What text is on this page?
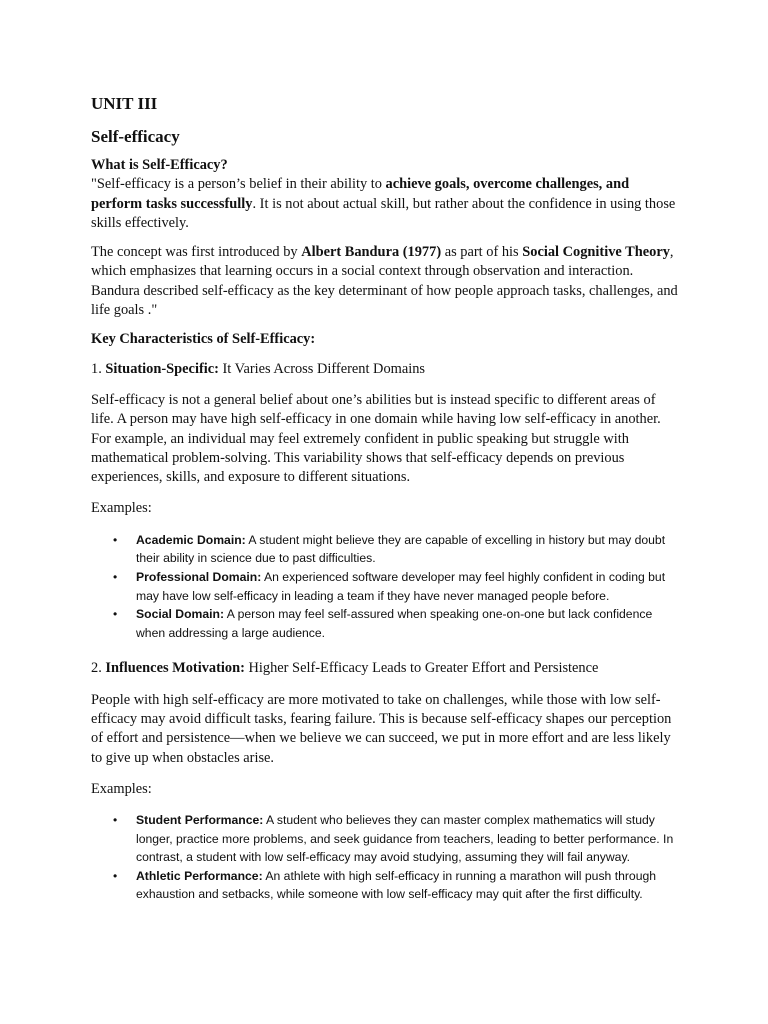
UNIT III
Self-efficacy

What is Self-Efficacy?

"Self-efficacy is a person’s belief in their ability to achieve goals, overcome challenges, and perform tasks successfully. It is not about actual skill, but rather about the confidence in using those skills effectively.

The concept was first introduced by Albert Bandura (1977) as part of his Social Cognitive Theory, which emphasizes that learning occurs in a social context through observation and interaction. Bandura described self-efficacy as the key determinant of how people approach tasks, challenges, and life goals ."

Key Characteristics of Self-Efficacy:

1. Situation-Specific: It Varies Across Different Domains

Self-efficacy is not a general belief about one’s abilities but is instead specific to different areas of life. A person may have high self-efficacy in one domain while having low self-efficacy in another. For example, an individual may feel extremely confident in public speaking but struggle with mathematical problem-solving. This variability shows that self-efficacy depends on previous experiences, skills, and exposure to different situations.

Examples:

• Academic Domain: A student might believe they are capable of excelling in history but may doubt their ability in science due to past difficulties.
• Professional Domain: An experienced software developer may feel highly confident in coding but may have low self-efficacy in leading a team if they have never managed people before.
• Social Domain: A person may feel self-assured when speaking one-on-one but lack confidence when addressing a large audience.

2. Influences Motivation: Higher Self-Efficacy Leads to Greater Effort and Persistence

People with high self-efficacy are more motivated to take on challenges, while those with low self-efficacy may avoid difficult tasks, fearing failure. This is because self-efficacy shapes our perception of effort and persistence—when we believe we can succeed, we put in more effort and are less likely to give up when obstacles arise.

Examples:

• Student Performance: A student who believes they can master complex mathematics will study longer, practice more problems, and seek guidance from teachers, leading to better performance. In contrast, a student with low self-efficacy may avoid studying, assuming they will fail anyway.
• Athletic Performance: An athlete with high self-efficacy in running a marathon will push through exhaustion and setbacks, while someone with low self-efficacy may quit after the first difficulty.
